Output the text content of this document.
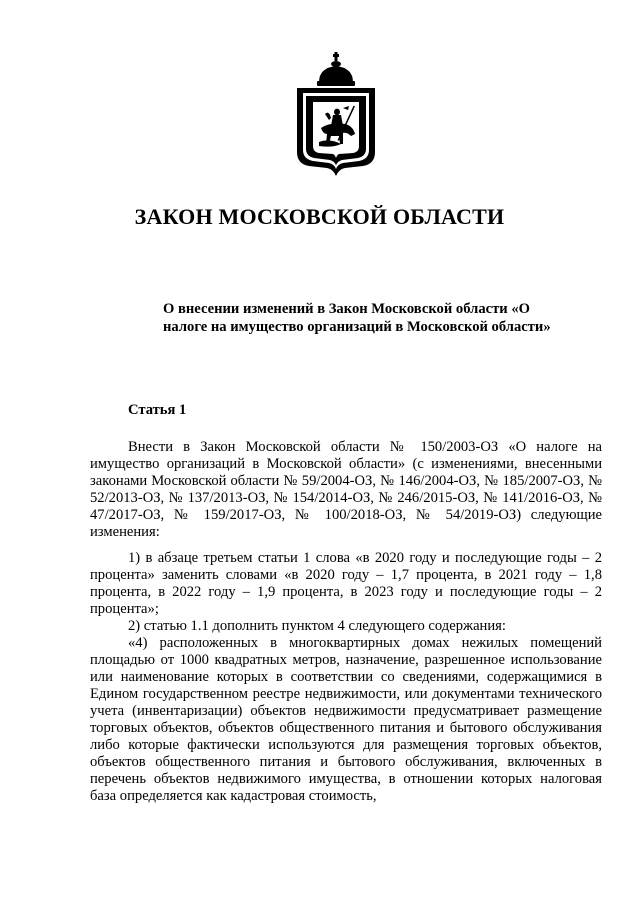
ЗАКОН МОСКОВСКОЙ ОБЛАСТИ
О внесении изменений в Закон Московской области «О налоге на имущество организаций в Московской области»
Статья 1

Внести в Закон Московской области № 150/2003-ОЗ «О налоге на имущество организаций в Московской области» (с изменениями, внесенными законами Московской области № 59/2004-ОЗ, № 146/2004-ОЗ, № 185/2007-ОЗ, № 52/2013-ОЗ, № 137/2013-ОЗ, № 154/2014-ОЗ, № 246/2015-ОЗ, № 141/2016-ОЗ, № 47/2017-ОЗ, № 159/2017-ОЗ, № 100/2018-ОЗ, № 54/2019-ОЗ) следующие изменения:

1) в абзаце третьем статьи 1 слова «в 2020 году и последующие годы – 2 процента» заменить словами «в 2020 году – 1,7 процента, в 2021 году – 1,8 процента, в 2022 году – 1,9 процента, в 2023 году и последующие годы – 2 процента»;

2) статью 1.1 дополнить пунктом 4 следующего содержания:

«4) расположенных в многоквартирных домах нежилых помещений площадью от 1000 квадратных метров, назначение, разрешенное использование или наименование которых в соответствии со сведениями, содержащимися в Едином государственном реестре недвижимости, или документами технического учета (инвентаризации) объектов недвижимости предусматривает размещение торговых объектов, объектов общественного питания и бытового обслуживания либо которые фактически используются для размещения торговых объектов, объектов общественного питания и бытового обслуживания, включенных в перечень объектов недвижимого имущества, в отношении которых налоговая база определяется как кадастровая стоимость,
